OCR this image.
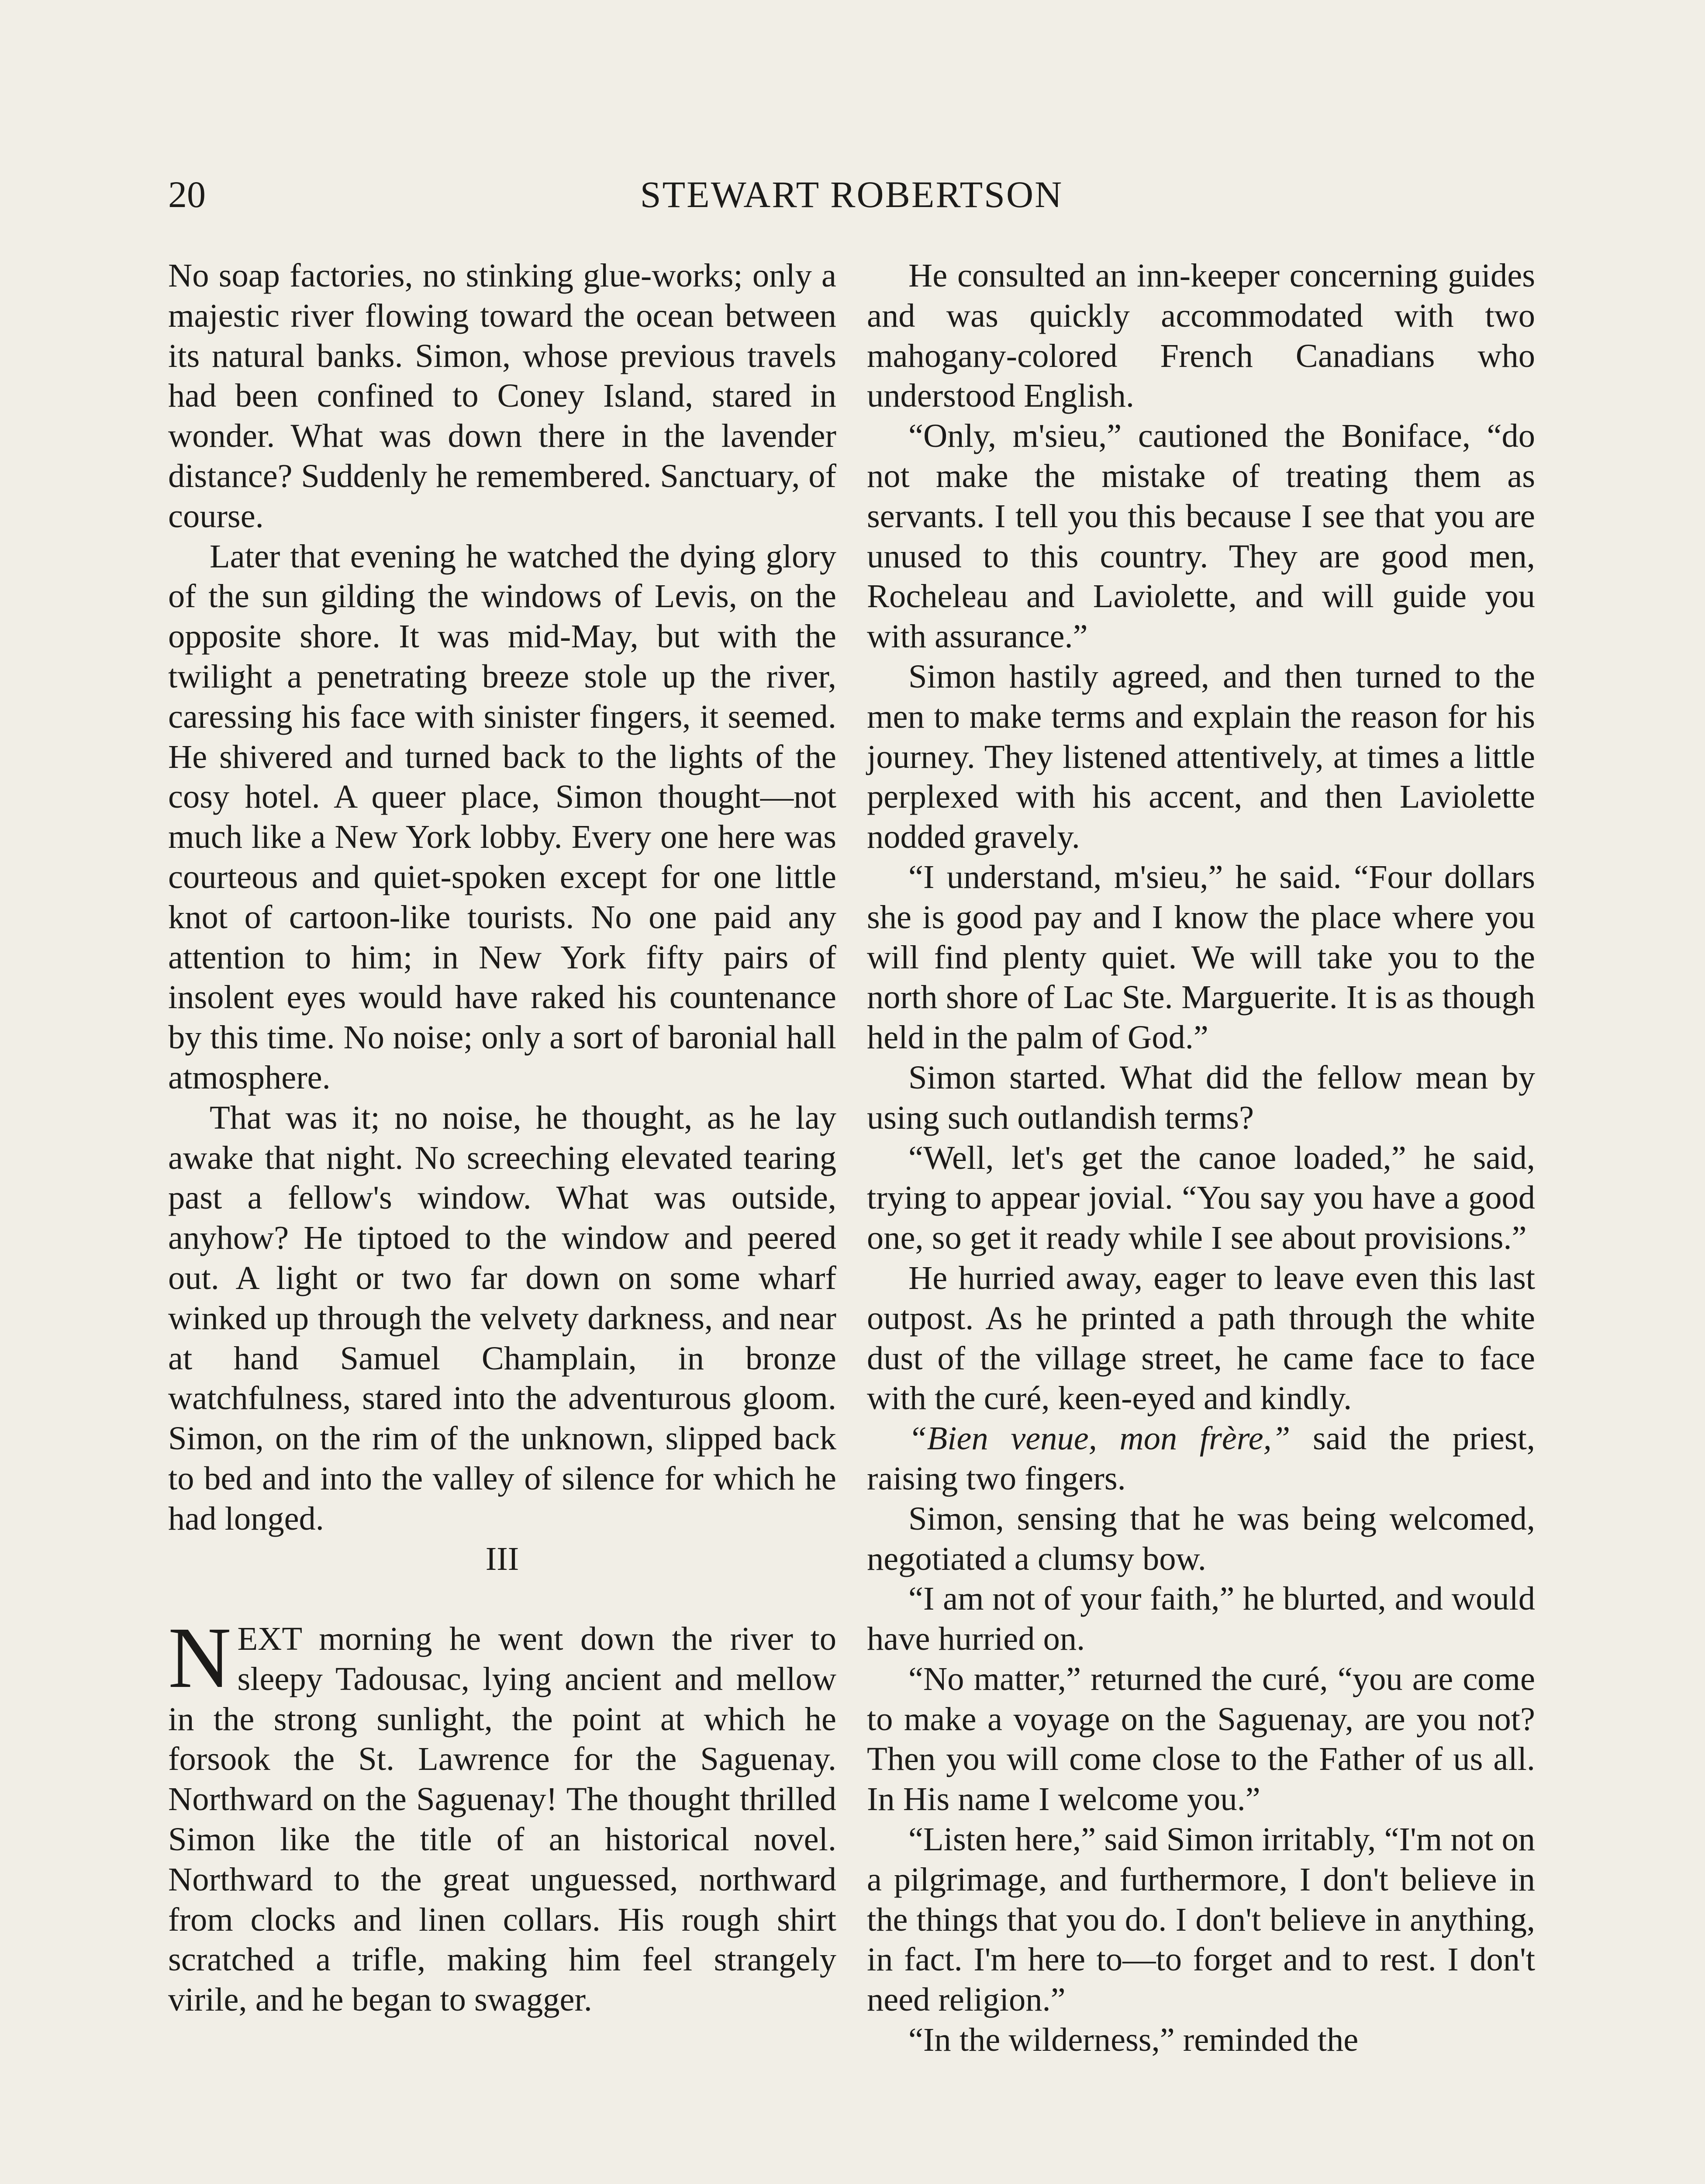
20	STEWART ROBERTSON

No soap factories, no stinking glue-works; only a majestic river flowing toward the ocean between its natural banks. Simon, whose previous travels had been confined to Coney Island, stared in wonder. What was down there in the lavender distance? Suddenly he remembered. Sanctuary, of course.

Later that evening he watched the dying glory of the sun gilding the windows of Levis, on the opposite shore. It was mid-May, but with the twilight a penetrating breeze stole up the river, caressing his face with sinister fingers, it seemed. He shivered and turned back to the lights of the cosy hotel. A queer place, Simon thought—not much like a New York lobby. Every one here was courteous and quiet-spoken except for one little knot of cartoon-like tourists. No one paid any attention to him; in New York fifty pairs of insolent eyes would have raked his countenance by this time. No noise; only a sort of baronial hall atmosphere.

That was it; no noise, he thought, as he lay awake that night. No screeching elevated tearing past a fellow's window. What was outside, anyhow? He tiptoed to the window and peered out. A light or two far down on some wharf winked up through the velvety darkness, and near at hand Samuel Champlain, in bronze watchfulness, stared into the adventurous gloom. Simon, on the rim of the unknown, slipped back to bed and into the valley of silence for which he had longed.

III

NEXT morning he went down the river to sleepy Tadousac, lying ancient and mellow in the strong sunlight, the point at which he forsook the St. Lawrence for the Saguenay. Northward on the Saguenay! The thought thrilled Simon like the title of an historical novel. Northward to the great unguessed, northward from clocks and linen collars. His rough shirt scratched a trifle, making him feel strangely virile, and he began to swagger.

He consulted an inn-keeper concerning guides and was quickly accommodated with two mahogany-colored French Canadians who understood English.

“Only, m'sieu,” cautioned the Boniface, “do not make the mistake of treating them as servants. I tell you this because I see that you are unused to this country. They are good men, Rocheleau and Laviolette, and will guide you with assurance.”

Simon hastily agreed, and then turned to the men to make terms and explain the reason for his journey. They listened attentively, at times a little perplexed with his accent, and then Laviolette nodded gravely.

“I understand, m'sieu,” he said. “Four dollars she is good pay and I know the place where you will find plenty quiet. We will take you to the north shore of Lac Ste. Marguerite. It is as though held in the palm of God.”

Simon started. What did the fellow mean by using such outlandish terms?

“Well, let's get the canoe loaded,” he said, trying to appear jovial. “You say you have a good one, so get it ready while I see about provisions.”

He hurried away, eager to leave even this last outpost. As he printed a path through the white dust of the village street, he came face to face with the curé, keen-eyed and kindly.

“Bien venue, mon frère,” said the priest, raising two fingers.

Simon, sensing that he was being welcomed, negotiated a clumsy bow.

“I am not of your faith,” he blurted, and would have hurried on.

“No matter,” returned the curé, “you are come to make a voyage on the Saguenay, are you not? Then you will come close to the Father of us all. In His name I welcome you.”

“Listen here,” said Simon irritably, “I'm not on a pilgrimage, and furthermore, I don't believe in the things that you do. I don't believe in anything, in fact. I'm here to—to forget and to rest. I don't need religion.”

“In the wilderness,” reminded the
